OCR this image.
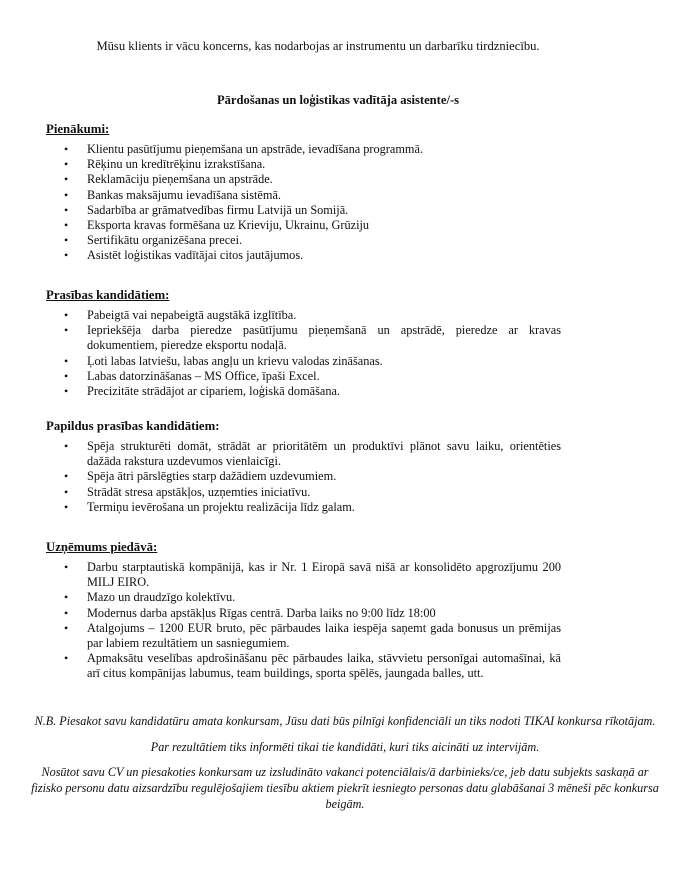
Mūsu klients ir vācu koncerns, kas nodarbojas ar instrumentu un darbarīku tirdzniecību.
Pārdošanas un loģistikas vadītāja asistente/-s
Pienākumi:
• Klientu pasūtījumu pieņemšana un apstrāde, ievadīšana programmā.
• Rēķinu un kredītrēķinu izrakstīšana.
• Reklamāciju pieņemšana un apstrāde.
• Bankas maksājumu ievadīšana sistēmā.
• Sadarbība ar grāmatvedības firmu Latvijā un Somijā.
• Eksporta kravas formēšana uz Krieviju, Ukrainu, Grūziju
• Sertifikātu organizēšana precei.
• Asistēt loģistikas vadītājai citos jautājumos.
Prasības kandidātiem:
• Pabeigtā vai nepabeigtā augstākā izglītība.
• Iepriekšēja darba pieredze pasūtījumu pieņemšanā un apstrādē, pieredze ar kravas dokumentiem, pieredze eksportu nodaļā.
• Ļoti labas latviešu, labas angļu un krievu valodas zināšanas.
• Labas datorzināšanas – MS Office, īpaši Excel.
• Precizitāte strādājot ar cipariem, loģiskā domāšana.
Papildus prasības kandidātiem:
• Spēja strukturēti domāt, strādāt ar prioritātēm un produktīvi plānot savu laiku, orientēties dažāda rakstura uzdevumos vienlaicīgi.
• Spēja ātri pārslēgties starp dažādiem uzdevumiem.
• Strādāt stresa apstākļos, uzņemties iniciatīvu.
• Termiņu ievērošana un projektu realizācija līdz galam.
Uzņēmums piedāvā:
• Darbu starptautiskā kompānijā, kas ir Nr. 1 Eiropā savā nišā ar konsolidēto apgrozījumu 200 MILJ EIRO.
• Mazo un draudzīgo kolektīvu.
• Modernus darba apstākļus Rīgas centrā. Darba laiks no 9:00 līdz 18:00
• Atalgojums – 1200 EUR bruto, pēc pārbaudes laika iespēja saņemt gada bonusus un prēmijas par labiem rezultātiem un sasniegumiem.
• Apmaksātu veselības apdrošināšanu pēc pārbaudes laika, stāvvietu personīgai automašīnai, kā arī citus kompānijas labumus, team buildings, sporta spēlēs, jaungada balles, utt.
N.B. Piesakot savu kandidatūru amata konkursam, Jūsu dati būs pilnīgi konfidenciāli un tiks nodoti TIKAI konkursa rīkotājam.
Par rezultātiem tiks informēti tikai tie kandidāti, kuri tiks aicināti uz intervijām.
Nosūtot savu CV un piesakoties konkursam uz izsludināto vakanci potenciālais/ā darbinieks/ce, jeb datu subjekts saskaņā ar fizisko personu datu aizsardzību regulējošajiem tiesību aktiem piekrīt iesniegto personas datu glabāšanai 3 mēneši pēc konkursa beigām.
